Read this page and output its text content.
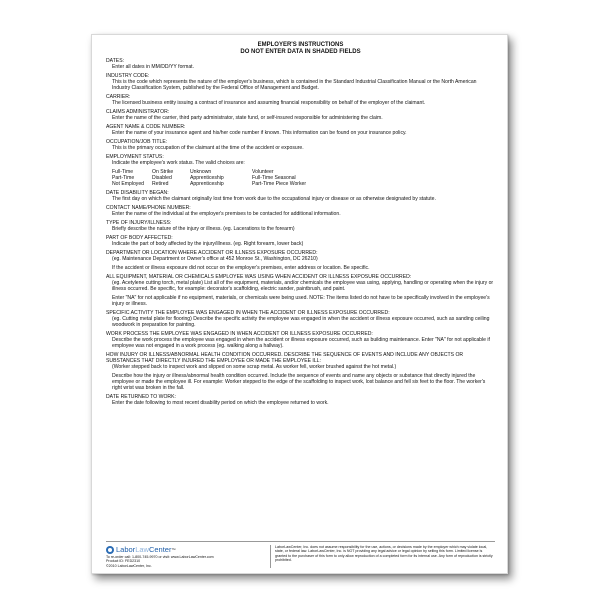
EMPLOYER'S INSTRUCTIONS
DO NOT ENTER DATA IN SHADED FIELDS
DATES:
Enter all dates in MM/DD/YY format.
INDUSTRY CODE:
This is the code which represents the nature of the employer's business, which is contained in the Standard Industrial Classification Manual or the North American Industry Classification System, published by the Federal Office of Management and Budget.
CARRIER:
The licensed business entity issuing a contract of insurance and assuming financial responsibility on behalf of the employer of the claimant.
CLAIMS ADMINISTRATOR:
Enter the name of the carrier, third party administrator, state fund, or self-insured responsible for administering the claim.
AGENT NAME & CODE NUMBER:
Enter the name of your insurance agent and his/her code number if known. This information can be found on your insurance policy.
OCCUPATION/JOB TITLE:
This is the primary occupation of the claimant at the time of the accident or exposure.
EMPLOYMENT STATUS:
Indicate the employee's work status. The valid choices are:
Full-Time	On Strike	Unknown	Volunteer
Part-Time	Disabled	Apprenticeship	Full-Time Seasonal
Not Employed	Retired	Apprenticeship	Part-Time Piece Worker
DATE DISABILITY BEGAN:
The first day on which the claimant originally lost time from work due to the occupational injury or disease or as otherwise designated by statute.
CONTACT NAME/PHONE NUMBER:
Enter the name of the individual at the employer's premises to be contacted for additional information.
TYPE OF INJURY/ILLNESS:
Briefly describe the nature of the injury or illness. (eg. Lacerations to the forearm)
PART OF BODY AFFECTED:
Indicate the part of body affected by the injury/illness. (eg. Right forearm, lower back)
DEPARTMENT OR LOCATION WHERE ACCIDENT OR ILLNESS EXPOSURE OCCURRED:
(eg. Maintenance Department or Owner's office at 452 Monroe St., Washington, DC 26210)
If the accident or illness exposure did not occur on the employer's premises, enter address or location. Be specific.
ALL EQUIPMENT, MATERIAL OR CHEMICALS EMPLOYEE WAS USING WHEN ACCIDENT OR ILLNESS EXPOSURE OCCURRED:
(eg. Acetylene cutting torch, metal plate) List all of the equipment, materials, and/or chemicals the employee was using, applying, handling or operating when the injury or illness occurred. Be specific, for example: decorator's scaffolding, electric sander, paintbrush, and paint.
Enter "NA" for not applicable if no equipment, materials, or chemicals were being used. NOTE: The items listed do not have to be specifically involved in the employee's injury or illness.
SPECIFIC ACTIVITY THE EMPLOYEE WAS ENGAGED IN WHEN THE ACCIDENT OR ILLNESS EXPOSURE OCCURRED:
(eg. Cutting metal plate for flooring) Describe the specific activity the employee was engaged in when the accident or illness exposure occurred, such as sanding ceiling woodwork in preparation for painting.
WORK PROCESS THE EMPLOYEE WAS ENGAGED IN WHEN ACCIDENT OR ILLNESS EXPOSURE OCCURRED:
Describe the work process the employee was engaged in when the accident or illness exposure occurred, such as building maintenance. Enter "NA" for not applicable if employee was not engaged in a work process (eg. walking along a hallway).
HOW INJURY OR ILLNESS/ABNORMAL HEALTH CONDITION OCCURRED. DESCRIBE THE SEQUENCE OF EVENTS AND INCLUDE ANY OBJECTS OR SUBSTANCES THAT DIRECTLY INJURED THE EMPLOYEE OR MADE THE EMPLOYEE ILL:
(Worker stepped back to inspect work and slipped on some scrap metal. As worker fell, worker brushed against the hot metal.)
Describe how the injury or illness/abnormal health condition occurred. Include the sequence of events and name any objects or substance that directly injured the employee or made the employee ill. For example: Worker stepped to the edge of the scaffolding to inspect work, lost balance and fell six feet to the floor. The worker's right wrist was broken in the fall.
DATE RETURNED TO WORK:
Enter the date following to most recent disability period on which the employee returned to work.
Labor Law Center ™
To re-order call: 1-800-745-9970 or visit: www.LaborLawCenter.com
Product ID: FED2310
©2010 LaborLawCenter, Inc.
LaborLawCenter, Inc. does not assume responsibility for the use, actions, or decisions made by the employer which may violate local, state, or federal law. LaborLawCenter, Inc. is NOT providing any legal advice or legal opinion by selling this form. Limited license is granted to the purchaser of this form to only allow reproduction of a completed form for its internal use. Any form of reproduction is strictly prohibited.
